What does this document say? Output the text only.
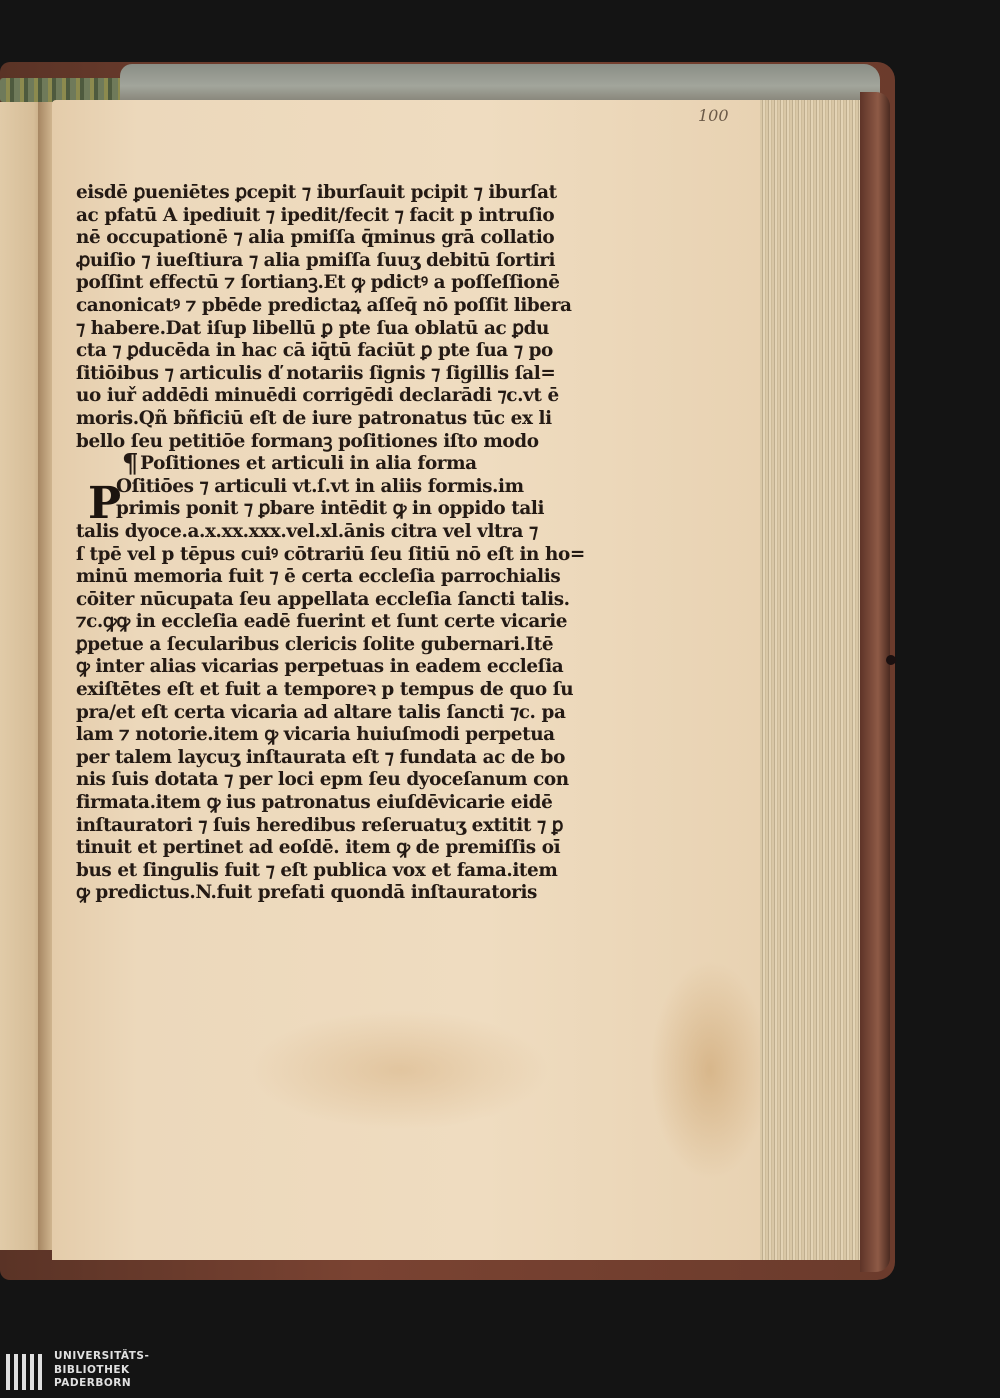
100
eisdē ꝑueniētes ꝑcepit ⁊ iburſauit pcipit ⁊ iburſat
ac pfatū A ipediuit ⁊ ipedit/fecit ⁊ facit p intruſio
nē occupationē ⁊ alia pmiſſa q̄minus grā collatio
ꝓuiſio ⁊ iueſtiura ⁊ alia pmiſſa ſuuʒ debitū ſortiri
poſſint effectū ⁊ ſortianꝫ.Et ꝙ pdictꝰ a poſſeſſionē
canonicatꝰ ⁊ pbēde predictaꝝ aſſeq̄ nō poſſit libera
⁊ habere.Dat iſup libellū ꝑ pte ſua oblatū ac ꝑdu
cta ⁊ ꝑducēda in hac cā iq̄tū faciūt ꝑ pte ſua ⁊ po
ſitiōibus ⁊ articulis ď notariis ſignis ⁊ ſigillis ſal=
uo iuř addēdi minuēdi corrigēdi declarādi ⁊c.vt ē
moris.Qñ bñficiū eſt de iure patronatus tūc ex li
bello ſeu petitiōe formanꝫ poſitiones iſto modo
¶ Poſitiones et articuli in alia forma
P
Oſitiōes ⁊ articuli vt.ſ.vt in aliis formis.im
primis ponit ⁊ ꝑbare intēdit ꝙ in oppido tali
talis dyoce.a.x.xx.xxx.vel.xl.ānis citra vel vltra ⁊
ſ tpē vel p tēpus cuiꝰ cōtrariū ſeu ſitiū nō eſt in ho=
minū memoria fuit ⁊ ē certa eccleſia parrochialis
cōiter nūcupata ſeu appellata eccleſia ſancti talis.
⁊c.ꝙꝙ in eccleſia eadē fuerint et ſunt certe vicarie
ꝑpetue a ſecularibus clericis ſolite gubernari.Itē
ꝙ inter alias vicarias perpetuas in eadem eccleſia
exiſtētes eſt et fuit a temporeꝛ p tempus de quo ſu
pra/et eſt certa vicaria ad altare talis ſancti ⁊c. pa
lam ⁊ notorie.item ꝙ vicaria huiuſmodi perpetua
per talem laycuʒ inſtaurata eſt ⁊ fundata ac de bo
nis ſuis dotata ⁊ per loci epm ſeu dyoceſanum con
firmata.item ꝙ ius patronatus eiuſdēvicarie eidē
inſtauratori ⁊ ſuis heredibus reſeruatuʒ extitit ⁊ ꝑ
tinuit et pertinet ad eoſdē. item ꝙ de premiſſis oī
bus et ſingulis fuit ⁊ eſt publica vox et fama.item
ꝙ predictus.N.fuit prefati quondā inſtauratoris
UNIVERSITÄTS-
BIBLIOTHEK
PADERBORN
